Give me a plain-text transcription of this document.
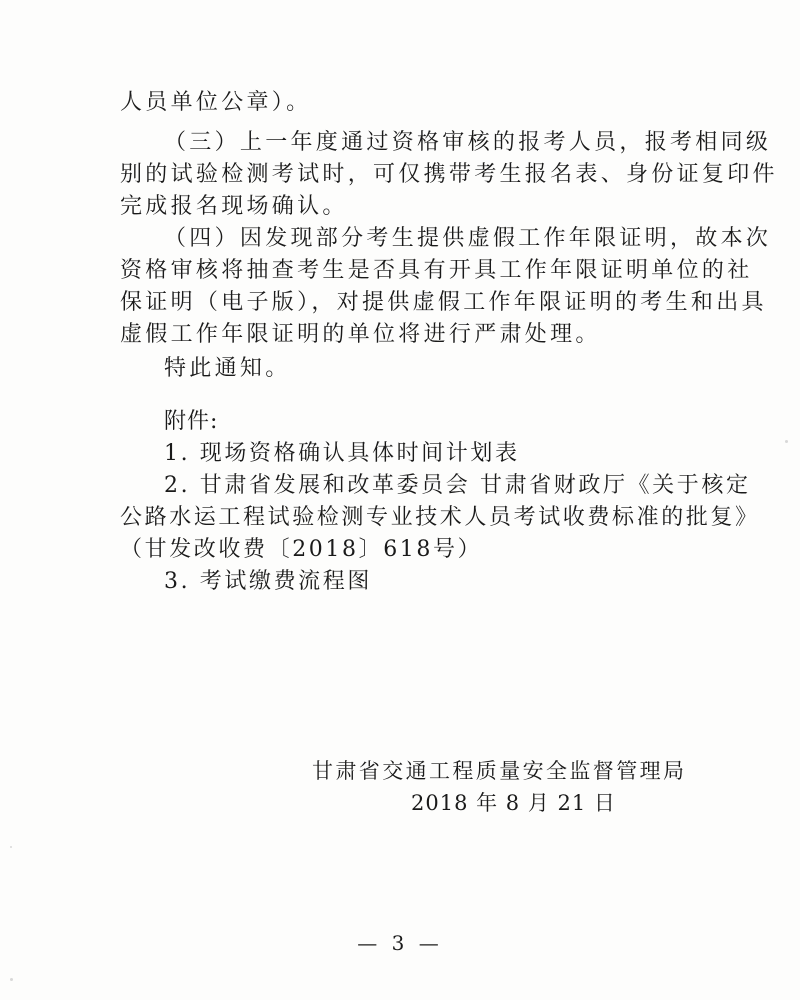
人员单位公章）。
（三）上一年度通过资格审核的报考人员，报考相同级
别的试验检测考试时，可仅携带考生报名表、身份证复印件
完成报名现场确认。
（四）因发现部分考生提供虚假工作年限证明，故本次
资格审核将抽查考生是否具有开具工作年限证明单位的社
保证明（电子版），对提供虚假工作年限证明的考生和出具
虚假工作年限证明的单位将进行严肃处理。
特此通知。
附件:
1. 现场资格确认具体时间计划表
2. 甘肃省发展和改革委员会 甘肃省财政厅《关于核定
公路水运工程试验检测专业技术人员考试收费标准的批复》
（甘发改收费〔2018〕618号）
3. 考试缴费流程图
甘肃省交通工程质量安全监督管理局
2018 年 8 月 21 日
— 3 —
